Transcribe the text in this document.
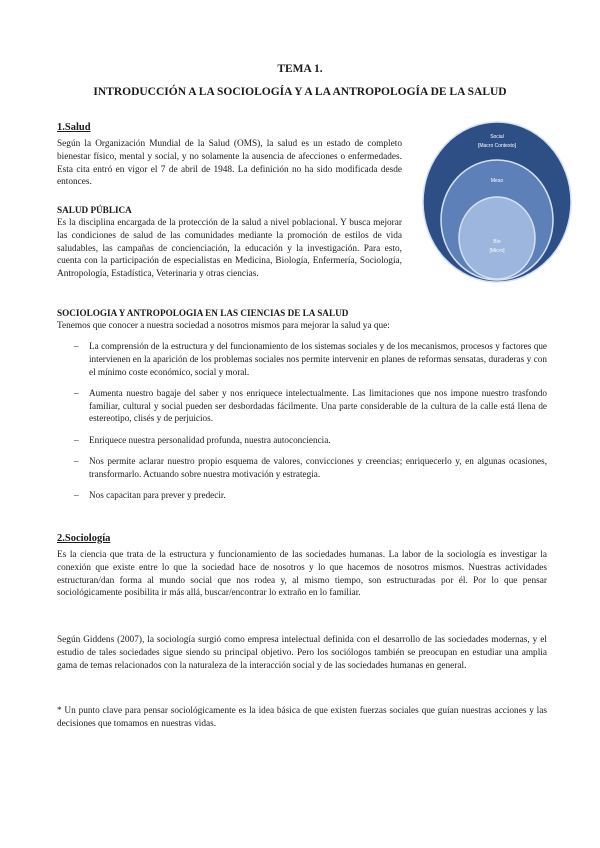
TEMA 1.
INTRODUCCIÓN A LA SOCIOLOGÍA Y A LA ANTROPOLOGÍA DE LA SALUD
1.Salud
Según la Organización Mundial de la Salud (OMS), la salud es un estado de completo bienestar físico, mental y social, y no solamente la ausencia de afecciones o enfermedades. Esta cita entró en vigor el 7 de abril de 1948. La definición no ha sido modificada desde entonces.
SALUD PÚBLICA
Es la disciplina encargada de la protección de la salud a nivel poblacional. Y busca mejorar las condiciones de salud de las comunidades mediante la promoción de estilos de vida saludables, las campañas de concienciación, la educación y la investigación. Para esto, cuenta con la participación de especialistas en Medicina, Biología, Enfermería, Sociología, Antropología, Estadística, Veterinaria y otras ciencias.
Social
[Macro Contexto]
Meso
Bio
[Micro]
SOCIOLOGIA Y ANTROPOLOGIA EN LAS CIENCIAS DE LA SALUD
Tenemos que conocer a nuestra sociedad a nosotros mismos para mejorar la salud ya que:
– La comprensión de la estructura y del funcionamiento de los sistemas sociales y de los mecanismos, procesos y factores que intervienen en la aparición de los problemas sociales nos permite intervenir en planes de reformas sensatas, duraderas y con el mínimo coste económico, social y moral.
– Aumenta nuestro bagaje del saber y nos enriquece intelectualmente. Las limitaciones que nos impone nuestro trasfondo familiar, cultural y social pueden ser desbordadas fácilmente. Una parte considerable de la cultura de la calle está llena de estereotipo, clisés y de perjuicios.
– Enriquece nuestra personalidad profunda, nuestra autoconciencia.
– Nos permite aclarar nuestro propio esquema de valores, convicciones y creencias; enriquecerlo y, en algunas ocasiones, transformarlo. Actuando sobre nuestra motivación y estrategia.
– Nos capacitan para prever y predecir.
2.Sociología
Es la ciencia que trata de la estructura y funcionamiento de las sociedades humanas. La labor de la sociología es investigar la conexión que existe entre lo que la sociedad hace de nosotros y lo que hacemos de nosotros mismos. Nuestras actividades estructuran/dan forma al mundo social que nos rodea y, al mismo tiempo, son estructuradas por él. Por lo que pensar sociológicamente posibilita ir más allá, buscar/encontrar lo extraño en lo familiar.
Según Giddens (2007), la sociología surgió como empresa intelectual definida con el desarrollo de las sociedades modernas, y el estudio de tales sociedades sigue siendo su principal objetivo. Pero los sociólogos también se preocupan en estudiar una amplia gama de temas relacionados con la naturaleza de la interacción social y de las sociedades humanas en general.
* Un punto clave para pensar sociológicamente es la idea básica de que existen fuerzas sociales que guían nuestras acciones y las decisiones que tomamos en nuestras vidas.
